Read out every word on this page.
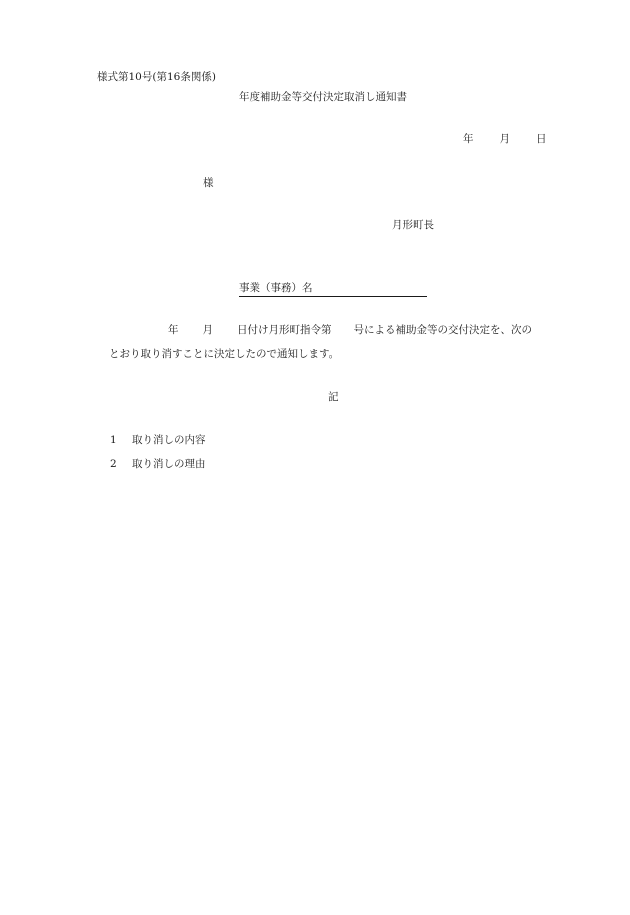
様式第10号(第16条関係)
年度補助金等交付決定取消し通知書
年 月 日
様
月形町長
事業（事務）名
年 月 日付け月形町指令第 号による補助金等の交付決定を、次の
とおり取り消すことに決定したので通知します。
記
1 取り消しの内容
2 取り消しの理由
